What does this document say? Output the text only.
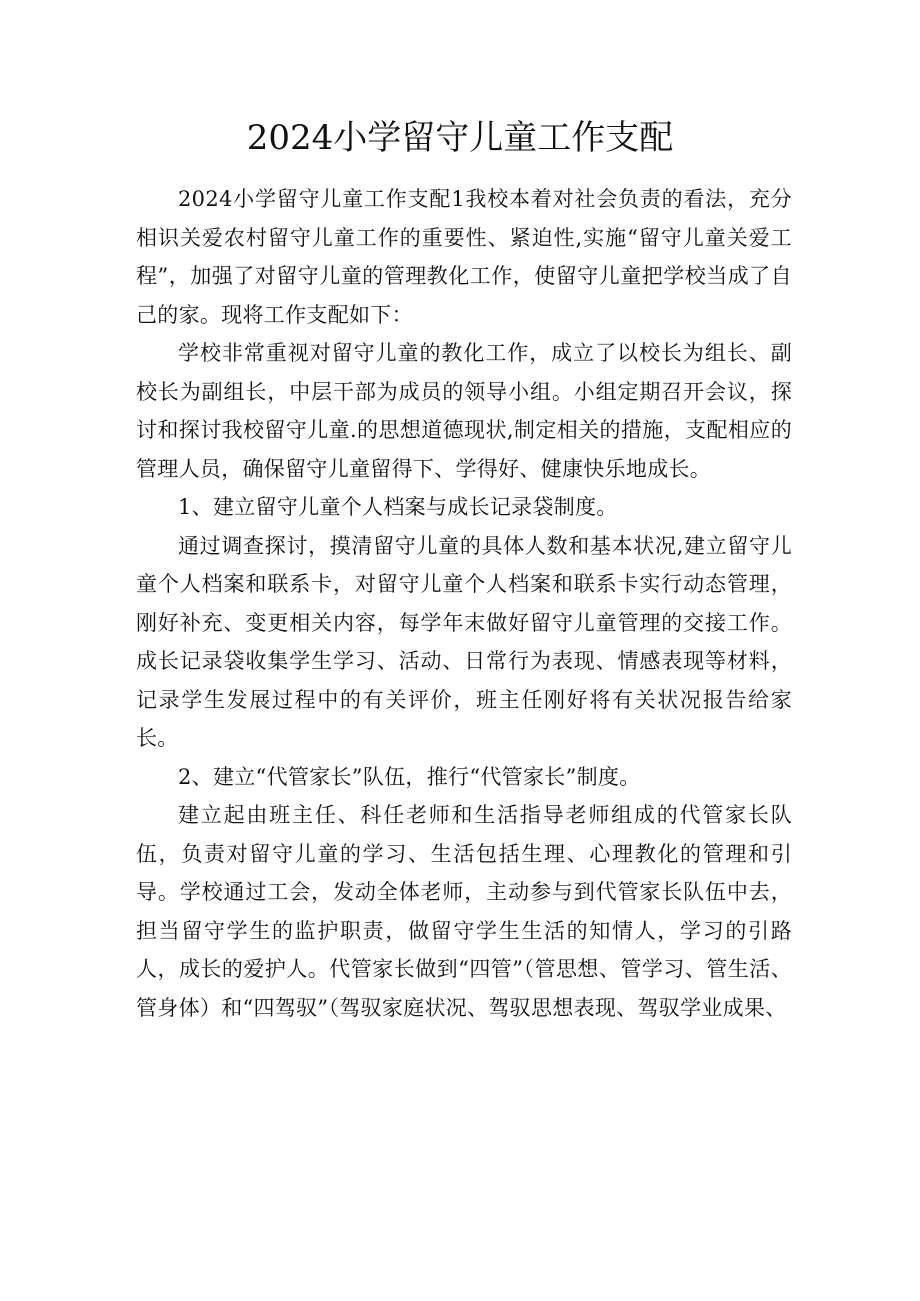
2024小学留守儿童工作支配

2024小学留守儿童工作支配1我校本着对社会负责的看法，充分相识关爱农村留守儿童工作的重要性、紧迫性,实施“留守儿童关爱工程”，加强了对留守儿童的管理教化工作，使留守儿童把学校当成了自己的家。现将工作支配如下：

学校非常重视对留守儿童的教化工作，成立了以校长为组长、副校长为副组长，中层干部为成员的领导小组。小组定期召开会议，探讨和探讨我校留守儿童.的思想道德现状,制定相关的措施，支配相应的管理人员，确保留守儿童留得下、学得好、健康快乐地成长。

1、建立留守儿童个人档案与成长记录袋制度。

通过调查探讨，摸清留守儿童的具体人数和基本状况,建立留守儿童个人档案和联系卡，对留守儿童个人档案和联系卡实行动态管理，刚好补充、变更相关内容，每学年末做好留守儿童管理的交接工作。成长记录袋收集学生学习、活动、日常行为表现、情感表现等材料，记录学生发展过程中的有关评价，班主任刚好将有关状况报告给家长。

2、建立“代管家长”队伍，推行“代管家长”制度。

建立起由班主任、科任老师和生活指导老师组成的代管家长队伍，负责对留守儿童的学习、生活包括生理、心理教化的管理和引导。学校通过工会，发动全体老师，主动参与到代管家长队伍中去，担当留守学生的监护职责，做留守学生生活的知情人，学习的引路人，成长的爱护人。代管家长做到“四管”（管思想、管学习、管生活、管身体）和“四驾驭”（驾驭家庭状况、驾驭思想表现、驾驭学业成果、
